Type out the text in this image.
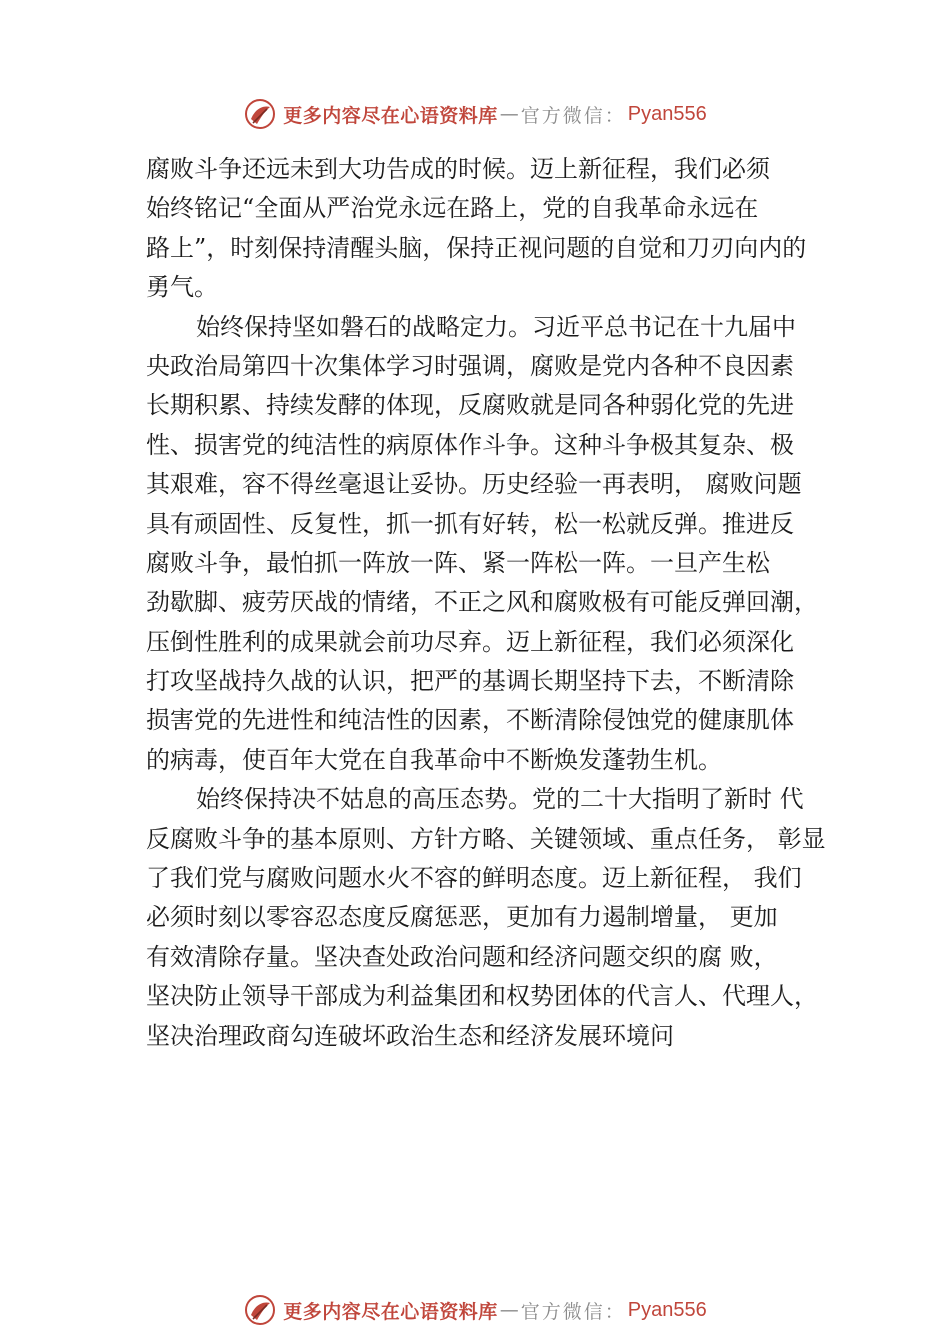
更多内容尽在心语资料库 — 官方微信： Pyan556

腐败斗争还远未到大功告成的时候。迈上新征程，我们必须

始终铭记“全面从严治党永远在路上，党的自我革命永远在

路上”，时刻保持清醒头脑，保持正视问题的自觉和刀刃向内的

勇气。

始终保持坚如磐石的战略定力。习近平总书记在十九届中

央政治局第四十次集体学习时强调，腐败是党内各种不良因素

长期积累、持续发酵的体现，反腐败就是同各种弱化党的先进

性、损害党的纯洁性的病原体作斗争。这种斗争极其复杂、极

其艰难，容不得丝毫退让妥协。历史经验一再表明， 腐败问题

具有顽固性、反复性，抓一抓有好转，松一松就反弹。推进反

腐败斗争，最怕抓一阵放一阵、紧一阵松一阵。一旦产生松

劲歇脚、疲劳厌战的情绪，不正之风和腐败极有可能反弹回潮，

压倒性胜利的成果就会前功尽弃。迈上新征程，我们必须深化

打攻坚战持久战的认识，把严的基调长期坚持下去，不断清除

损害党的先进性和纯洁性的因素，不断清除侵蚀党的健康肌体

的病毒，使百年大党在自我革命中不断焕发蓬勃生机。

始终保持决不姑息的高压态势。党的二十大指明了新时 代

反腐败斗争的基本原则、方针方略、关键领域、重点任务， 彰显

了我们党与腐败问题水火不容的鲜明态度。迈上新征程， 我们

必须时刻以零容忍态度反腐惩恶，更加有力遏制增量， 更加

有效清除存量。坚决查处政治问题和经济问题交织的腐 败，

坚决防止领导干部成为利益集团和权势团体的代言人、代理人，

坚决治理政商勾连破坏政治生态和经济发展环境问

更多内容尽在心语资料库 — 官方微信： Pyan556
